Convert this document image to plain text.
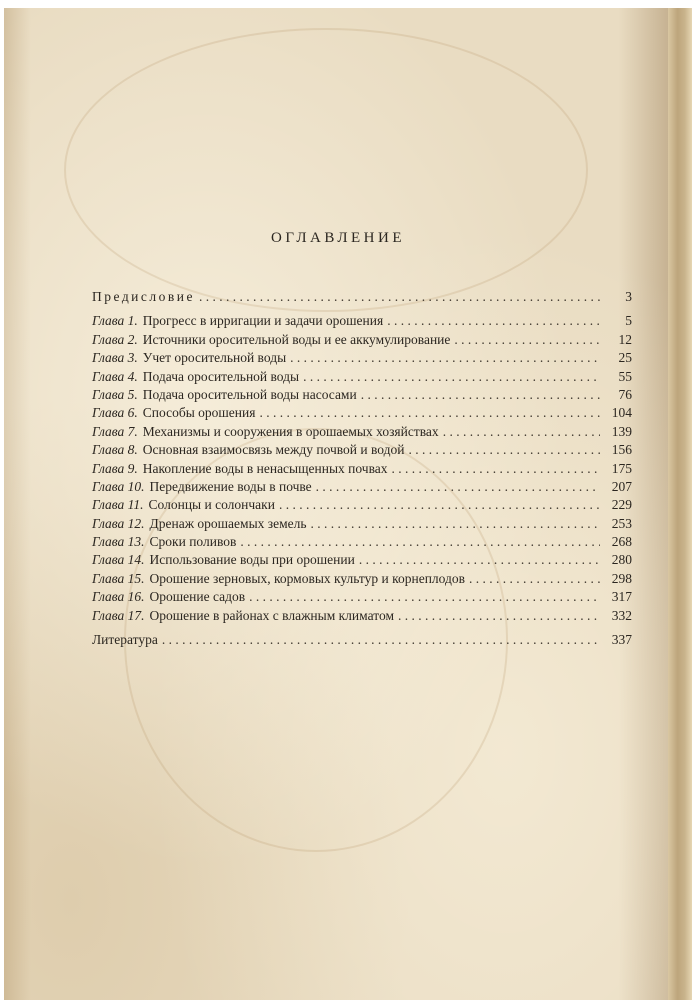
ОГЛАВЛЕНИЕ
Предисловие . . .	3
Глава 1. Прогресс в ирригации и задачи орошения . . .	5
Глава 2. Источники оросительной воды и ее аккумулирование . . .	12
Глава 3. Учет оросительной воды . . .	25
Глава 4. Подача оросительной воды . . .	55
Глава 5. Подача оросительной воды насосами . . .	76
Глава 6. Способы орошения . . .	104
Глава 7. Механизмы и сооружения в орошаемых хозяйствах . . .	139
Глава 8. Основная взаимосвязь между почвой и водой . . .	156
Глава 9. Накопление воды в ненасыщенных почвах . . .	175
Глава 10. Передвижение воды в почве . . .	207
Глава 11. Солонцы и солончаки . . .	229
Глава 12. Дренаж орошаемых земель . . .	253
Глава 13. Сроки поливов . . .	268
Глава 14. Использование воды при орошении . . .	280
Глава 15. Орошение зерновых, кормовых культур и корнеплодов . . .	298
Глава 16. Орошение садов . . .	317
Глава 17. Орошение в районах с влажным климатом . . .	332
Литература . . .	337
